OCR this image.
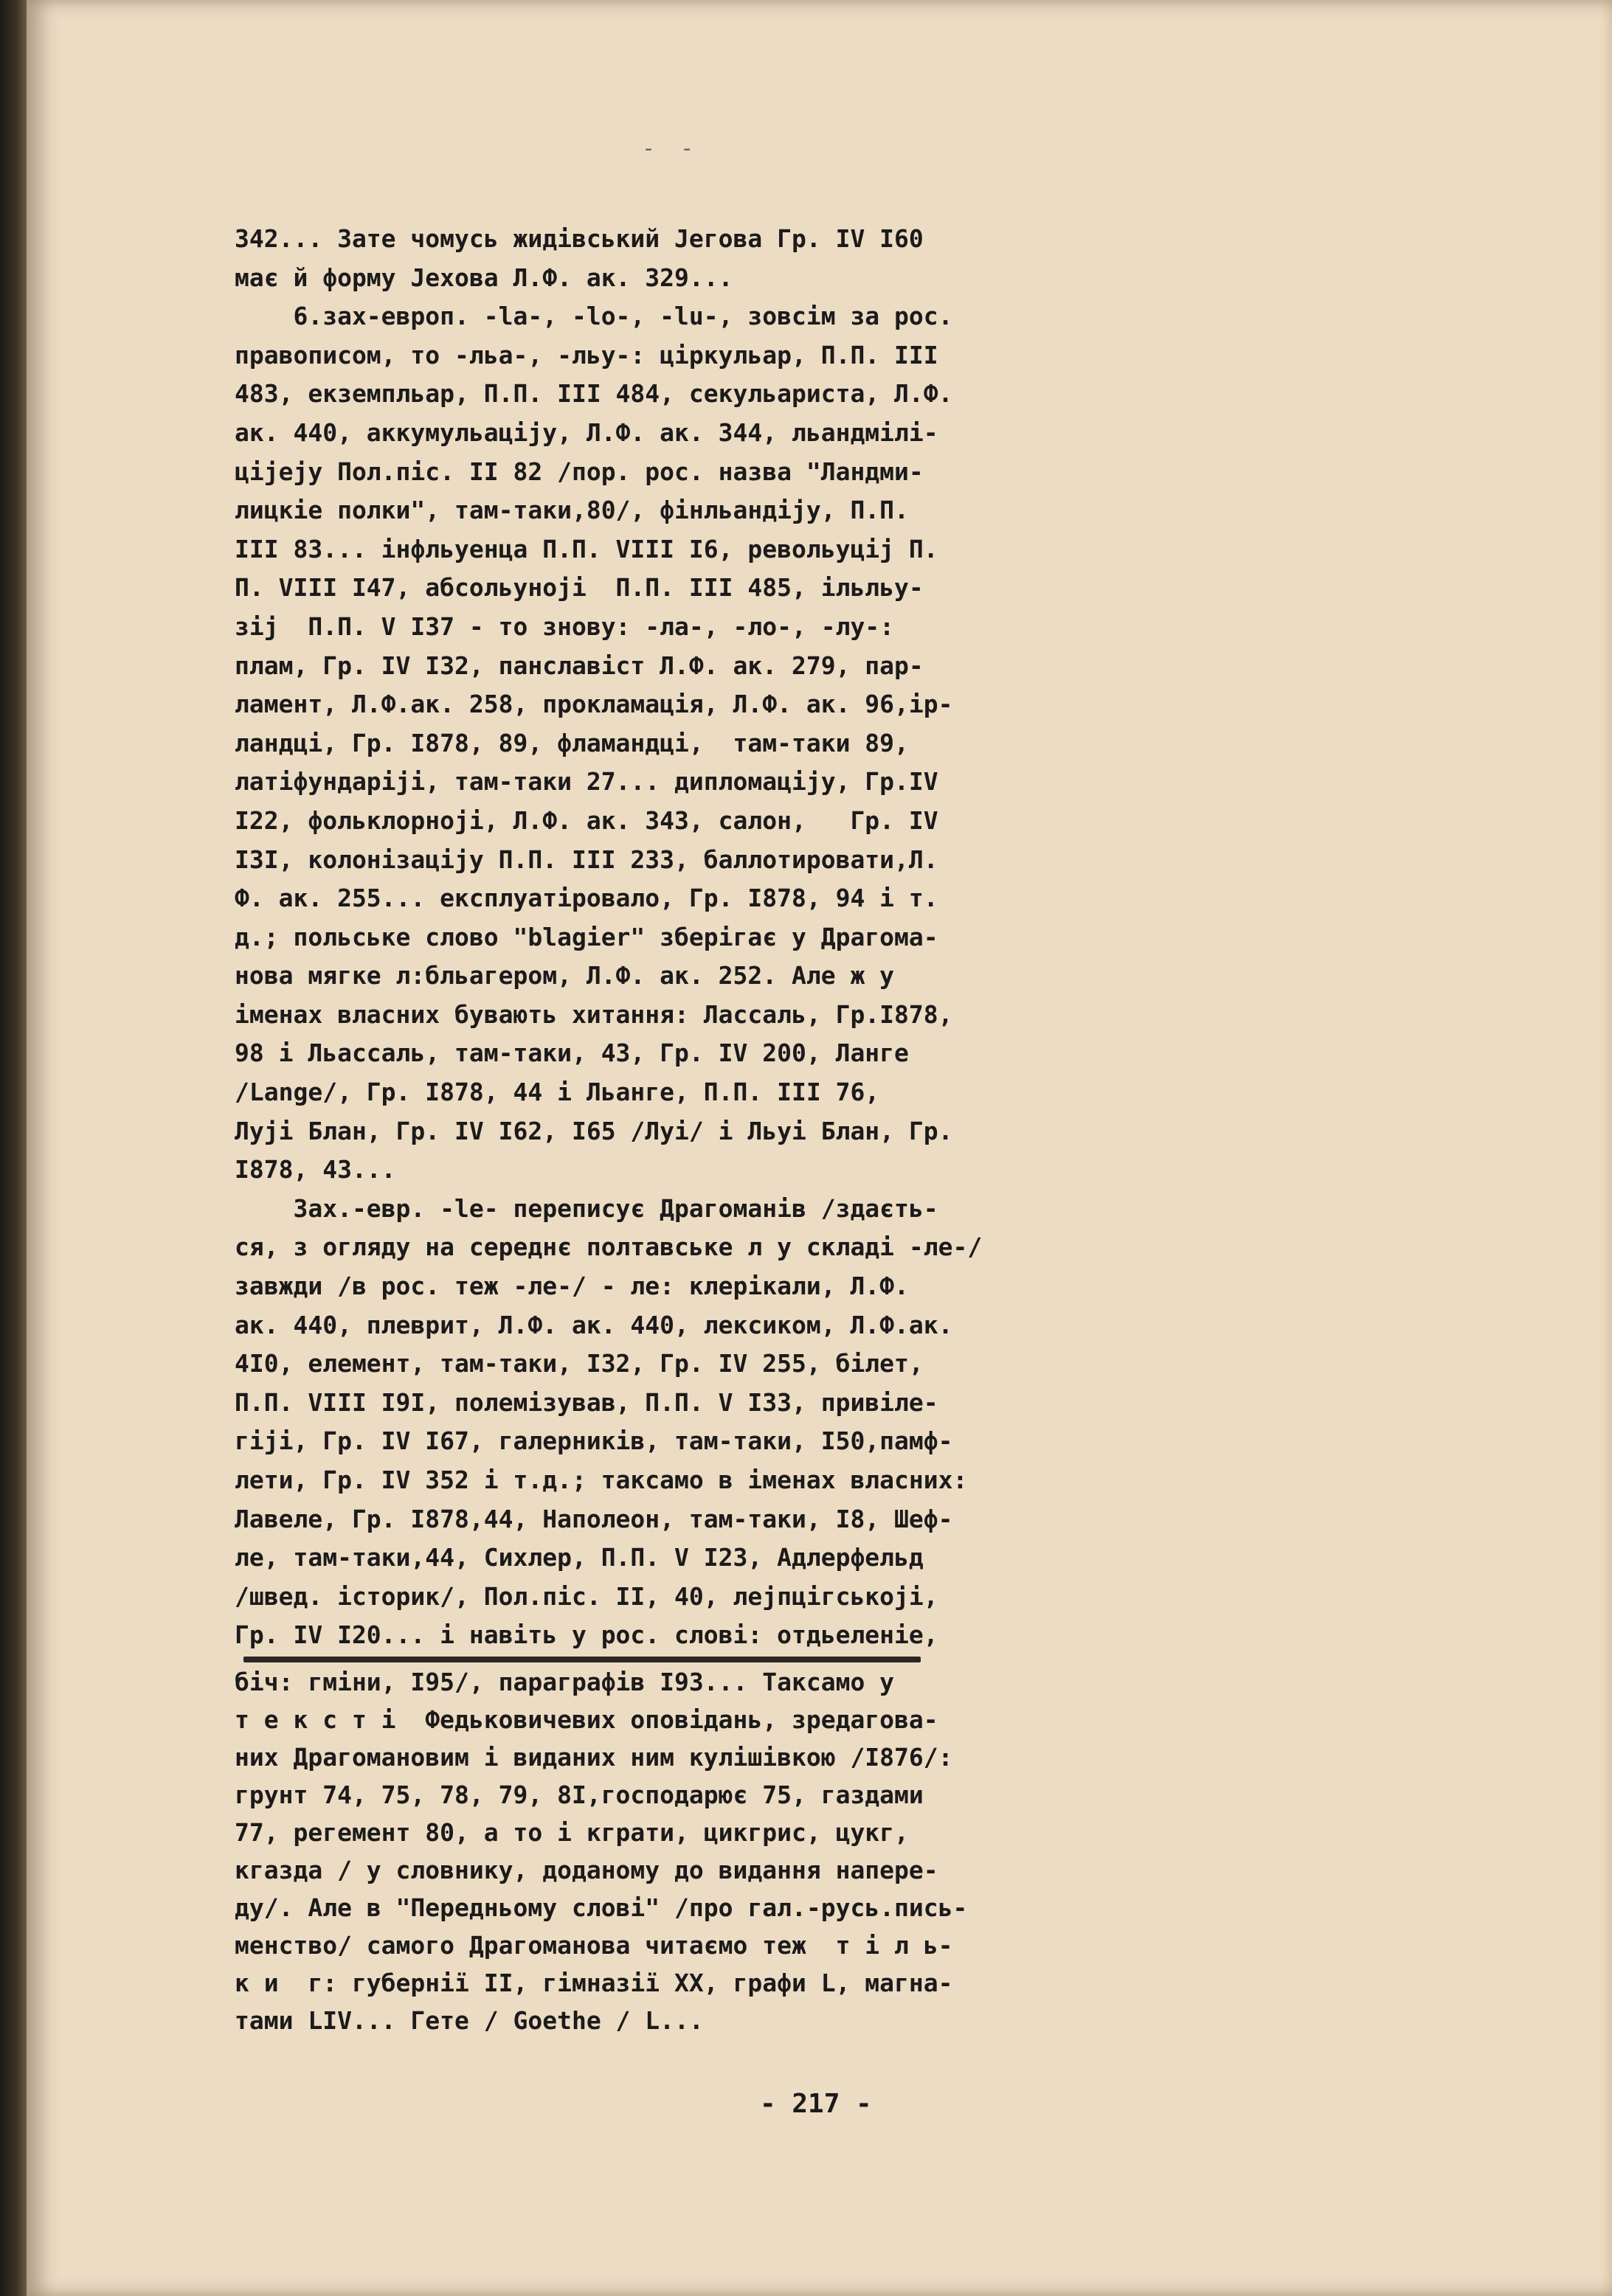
- -
342... Зате чомусь жидівський Jегова Гр. IV I60
має й форму Jехова Л.Ф. ак. 329...
6.зах-европ. -la-, -lo-, -lu-, зовсім за рос.
правописом, то -льа-, -льу-: ціркульар, П.П. III
483, екземпльар, П.П. III 484, секульариста, Л.Ф.
ак. 440, аккумульаціjу, Л.Ф. ак. 344, льандмілі-
ціjejу Пол.піс. II 82 /пор. рос. назва "Ландми-
лицкіе полки", там-таки,80/, фінльандіjу, П.П.
III 83... інфльуенца П.П. VIII I6, револьуціj П.
П. VIII I47, абсольуноjі  П.П. III 485, ільльу-
зіj  П.П. V I37 - то знову: -ла-, -ло-, -лу-:
плам, Гр. IV I32, панславіст Л.Ф. ак. 279, пар-
ламент, Л.Ф.ак. 258, прокламація, Л.Ф. ак. 96,ір-
ландці, Гр. I878, 89, фламандці,  там-таки 89,
латіфундаріjі, там-таки 27... диплoмаціjу, Гр.IV
I22, фольклорноjі, Л.Ф. ак. 343, салон,   Гр. IV
I3I, колонізаціjу П.П. III 233, баллотировати,Л.
Ф. ак. 255... експлуатіровало, Гр. I878, 94 і т.
д.; польське слово "blagier" зберігає у Драгома-
нова мягке л:бльагером, Л.Ф. ак. 252. Але ж у
іменах власних бувають хитання: Лассаль, Гр.I878,
98 і Льассаль, там-таки, 43, Гр. IV 200, Ланге
/Lange/, Гр. I878, 44 і Льанге, П.П. III 76,
Луjі Блан, Гр. IV I62, I65 /Луі/ і Льуі Блан, Гр.
I878, 43...
Зах.-евр. -le- переписує Драгоманів /здаєть-
ся, з огляду на середнє полтавське л у складі -ле-/
завжди /в рос. теж -ле-/ - ле: клерікали, Л.Ф.
ак. 440, плеврит, Л.Ф. ак. 440, лексиком, Л.Ф.ак.
4I0, елемент, там-таки, I32, Гр. IV 255, білет,
П.П. VIII I9I, полемізував, П.П. V I33, привіле-
гіjі, Гр. IV I67, гaлерників, там-таки, I50,памф-
лети, Гр. IV 352 і т.д.; таксамо в іменах власних:
Лавеле, Гр. I878,44, Наполеон, там-таки, I8, Шеф-
ле, там-таки,44, Сихлер, П.П. V I23, Адлерфельд
/швед. історик/, Пол.піс. II, 40, лejпцігськоjі,
Гр. IV I20... і навіть у рос. слові: отдьеленіе,
біч: гміни, I95/, параграфів I93... Таксамо у
т е к с т і  Федьковичевих оповідань, зредагова-
них Драгомановим і виданих ним кулішівкою /I876/:
грунт 74, 75, 78, 79, 8I,господарює 75, газдами
77, регемент 80, а то і кгрaти, цикгрис, цукг,
кгазда / у словнику, доданому до видання напере-
ду/. Але в "Передньому слові" /про гал.-русь.пись-
менство/ самого Драгоманова читаємо теж  т і л ь-
к и  г: губернії II, гімназії XX, графи L, магна-
тами LIV... Гете / Goethe / L...
- 217 -
